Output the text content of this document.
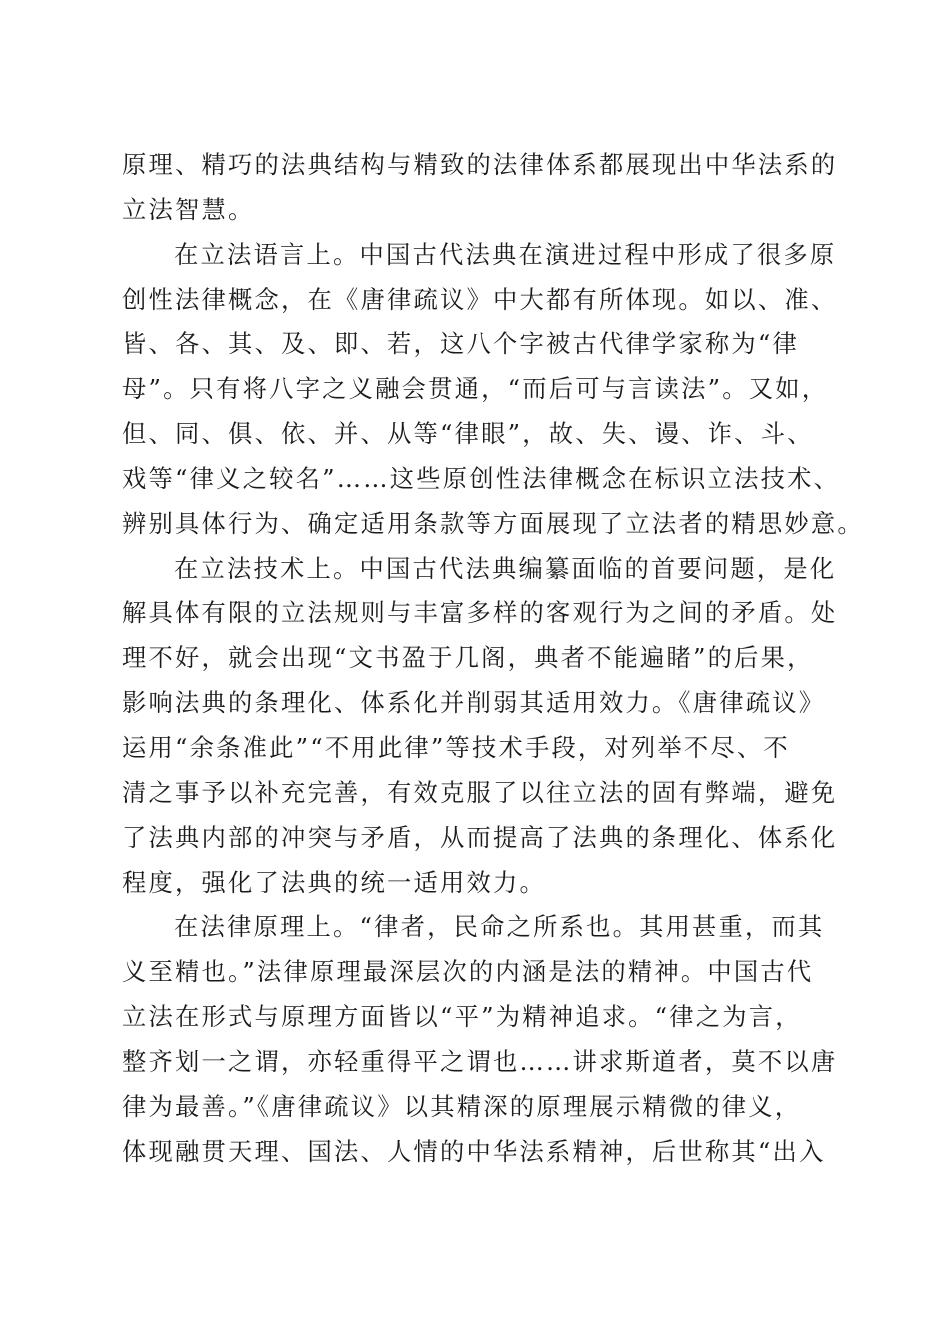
原理、精巧的法典结构与精致的法律体系都展现出中华法系的
立法智慧。
在立法语言上。中国古代法典在演进过程中形成了很多原
创性法律概念，在《唐律疏议》中大都有所体现。如以、准、
皆、各、其、及、即、若，这八个字被古代律学家称为“律
母”。只有将八字之义融会贯通，“而后可与言读法”。又如，
但、同、俱、依、并、从等“律眼”，故、失、谩、诈、斗、
戏等“律义之较名”……这些原创性法律概念在标识立法技术、
辨别具体行为、确定适用条款等方面展现了立法者的精思妙意。
在立法技术上。中国古代法典编纂面临的首要问题，是化
解具体有限的立法规则与丰富多样的客观行为之间的矛盾。处
理不好，就会出现“文书盈于几阁，典者不能遍睹”的后果，
影响法典的条理化、体系化并削弱其适用效力。《唐律疏议》
运用“余条准此”“不用此律”等技术手段，对列举不尽、不
清之事予以补充完善，有效克服了以往立法的固有弊端，避免
了法典内部的冲突与矛盾，从而提高了法典的条理化、体系化
程度，强化了法典的统一适用效力。
在法律原理上。“律者，民命之所系也。其用甚重，而其
义至精也。”法律原理最深层次的内涵是法的精神。中国古代
立法在形式与原理方面皆以“平”为精神追求。“律之为言，
整齐划一之谓，亦轻重得平之谓也……讲求斯道者，莫不以唐
律为最善。”《唐律疏议》以其精深的原理展示精微的律义，
体现融贯天理、国法、人情的中华法系精神，后世称其“出入
